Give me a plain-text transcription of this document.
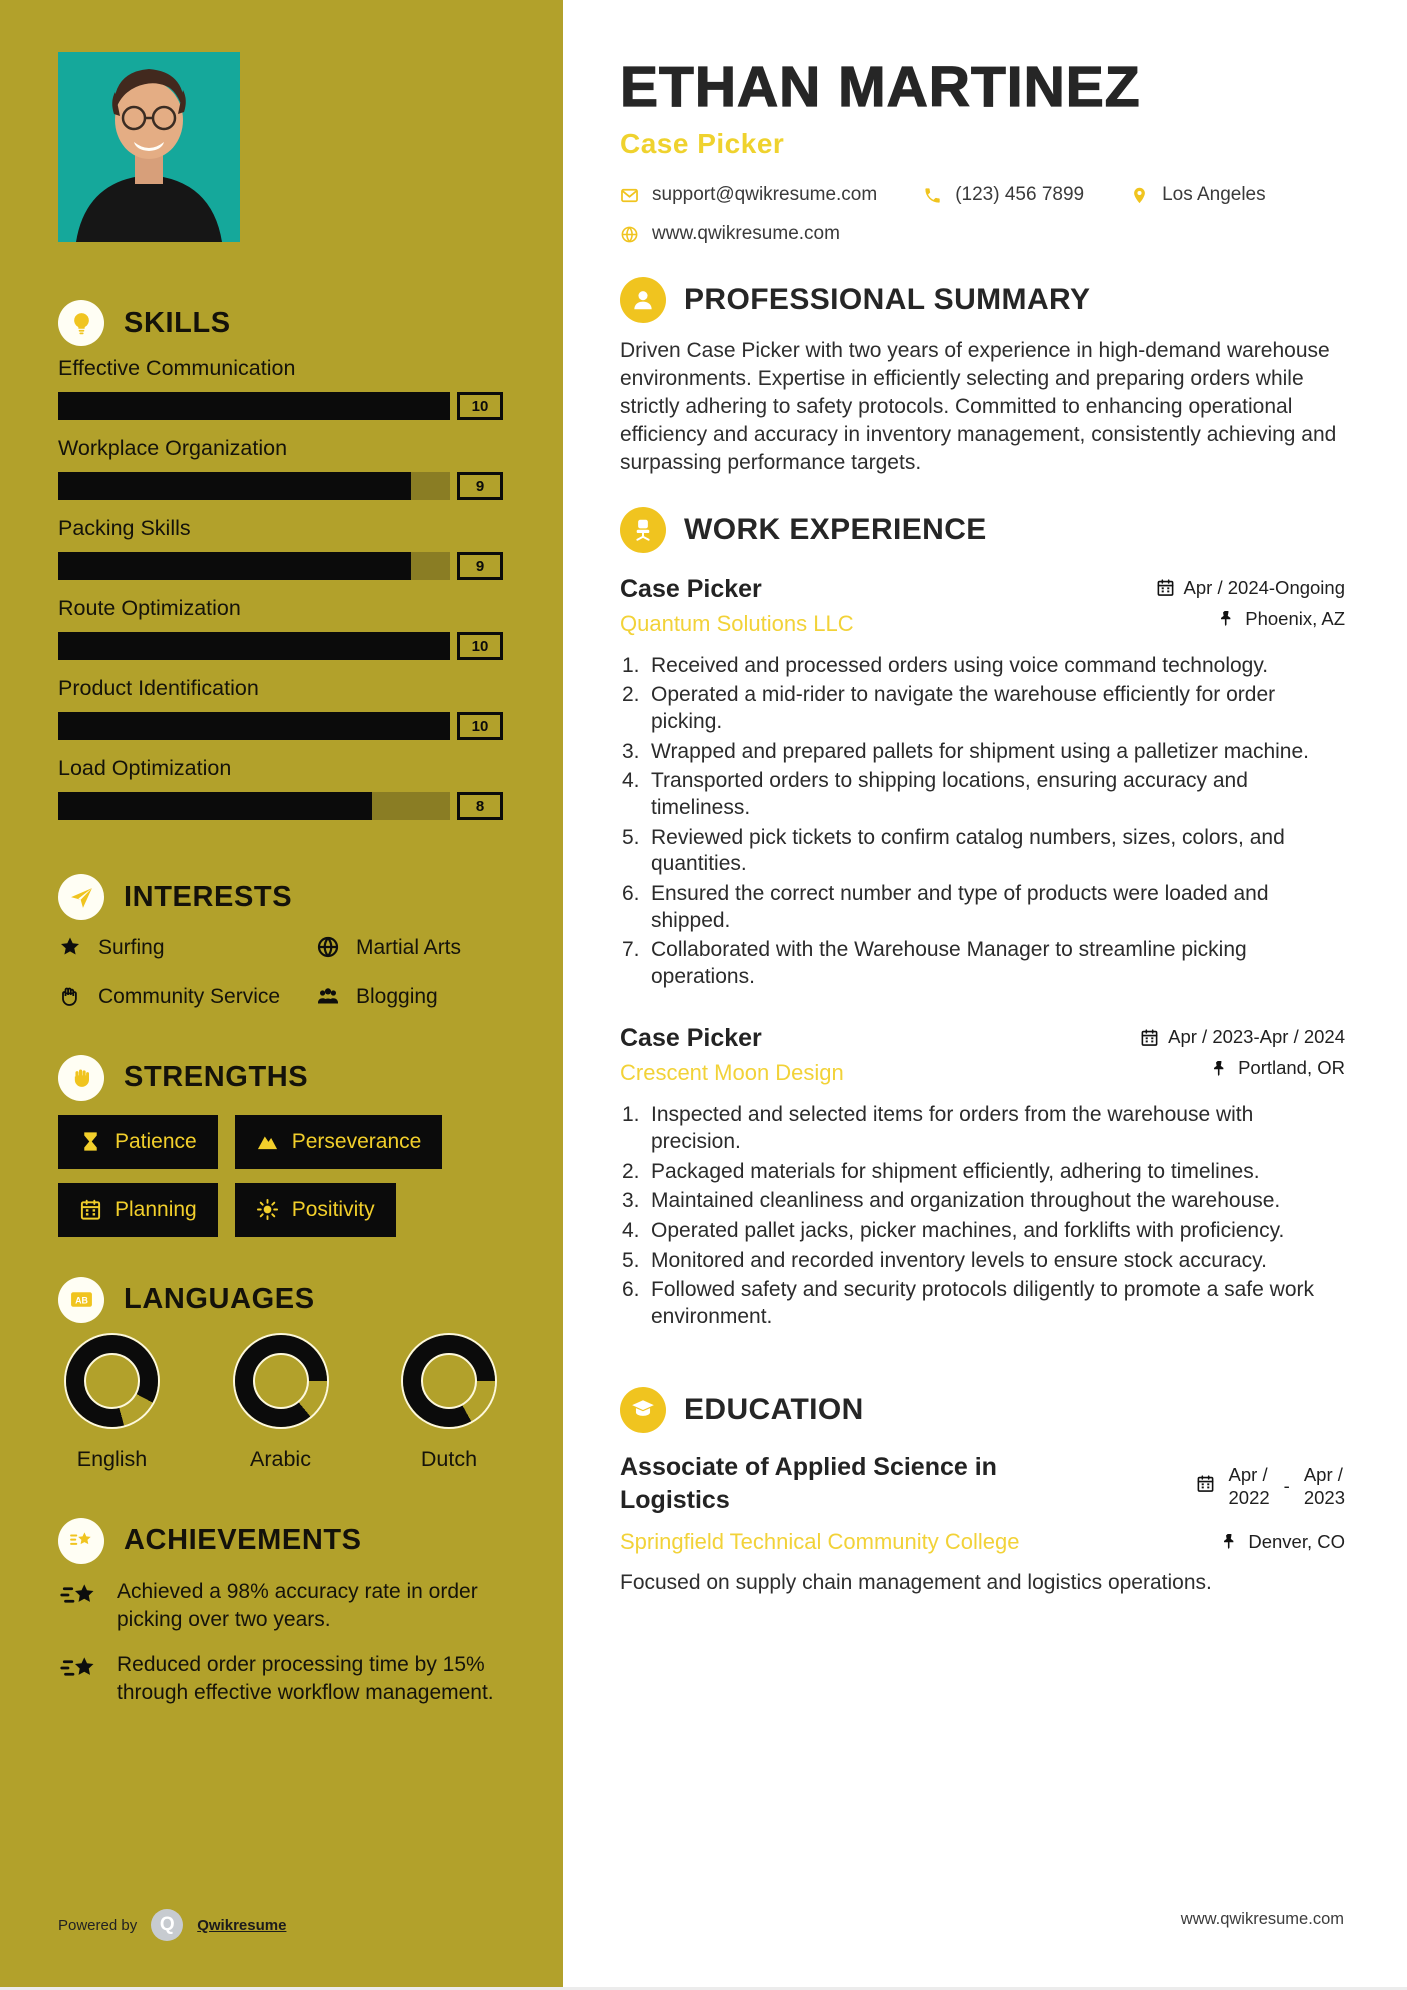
SKILLS
Effective Communication
10
Workplace Organization
9
Packing Skills
9
Route Optimization
10
Product Identification
10
Load Optimization
8
INTERESTS
Surfing	Martial Arts
Community Service	Blogging
STRENGTHS
Patience	Perseverance
Planning	Positivity
AB LANGUAGES
English	Arabic	Dutch
ACHIEVEMENTS
Achieved a 98% accuracy rate in order picking over two years.
Reduced order processing time by 15% through effective workflow management.
Powered by	Q	Qwikresume
ETHAN MARTINEZ
Case Picker
support@qwikresume.com	(123) 456 7899	Los Angeles
www.qwikresume.com
PROFESSIONAL SUMMARY

Driven Case Picker with two years of experience in high-demand warehouse environments. Expertise in efficiently selecting and preparing orders while strictly adhering to safety protocols. Committed to enhancing operational efficiency and accuracy in inventory management, consistently achieving and surpassing performance targets.

WORK EXPERIENCE
Case Picker
Quantum Solutions LLC
Apr / 2024-Ongoing
Phoenix, AZ
1. Received and processed orders using voice command technology.
2. Operated a mid-rider to navigate the warehouse efficiently for order picking.
3. Wrapped and prepared pallets for shipment using a palletizer machine.
4. Transported orders to shipping locations, ensuring accuracy and timeliness.
5. Reviewed pick tickets to confirm catalog numbers, sizes, colors, and quantities.
6. Ensured the correct number and type of products were loaded and shipped.
7. Collaborated with the Warehouse Manager to streamline picking operations.
Case Picker
Crescent Moon Design
Apr / 2023-Apr / 2024
Portland, OR
1. Inspected and selected items for orders from the warehouse with precision.
2. Packaged materials for shipment efficiently, adhering to timelines.
3. Maintained cleanliness and organization throughout the warehouse.
4. Operated pallet jacks, picker machines, and forklifts with proficiency.
5. Monitored and recorded inventory levels to ensure stock accuracy.
6. Followed safety and security protocols diligently to promote a safe work environment.
EDUCATION
Associate of Applied Science in Logistics
Apr /
2022
-
Apr /
2023
Springfield Technical Community College	Denver, CO

Focused on supply chain management and logistics operations.

www.qwikresume.com
